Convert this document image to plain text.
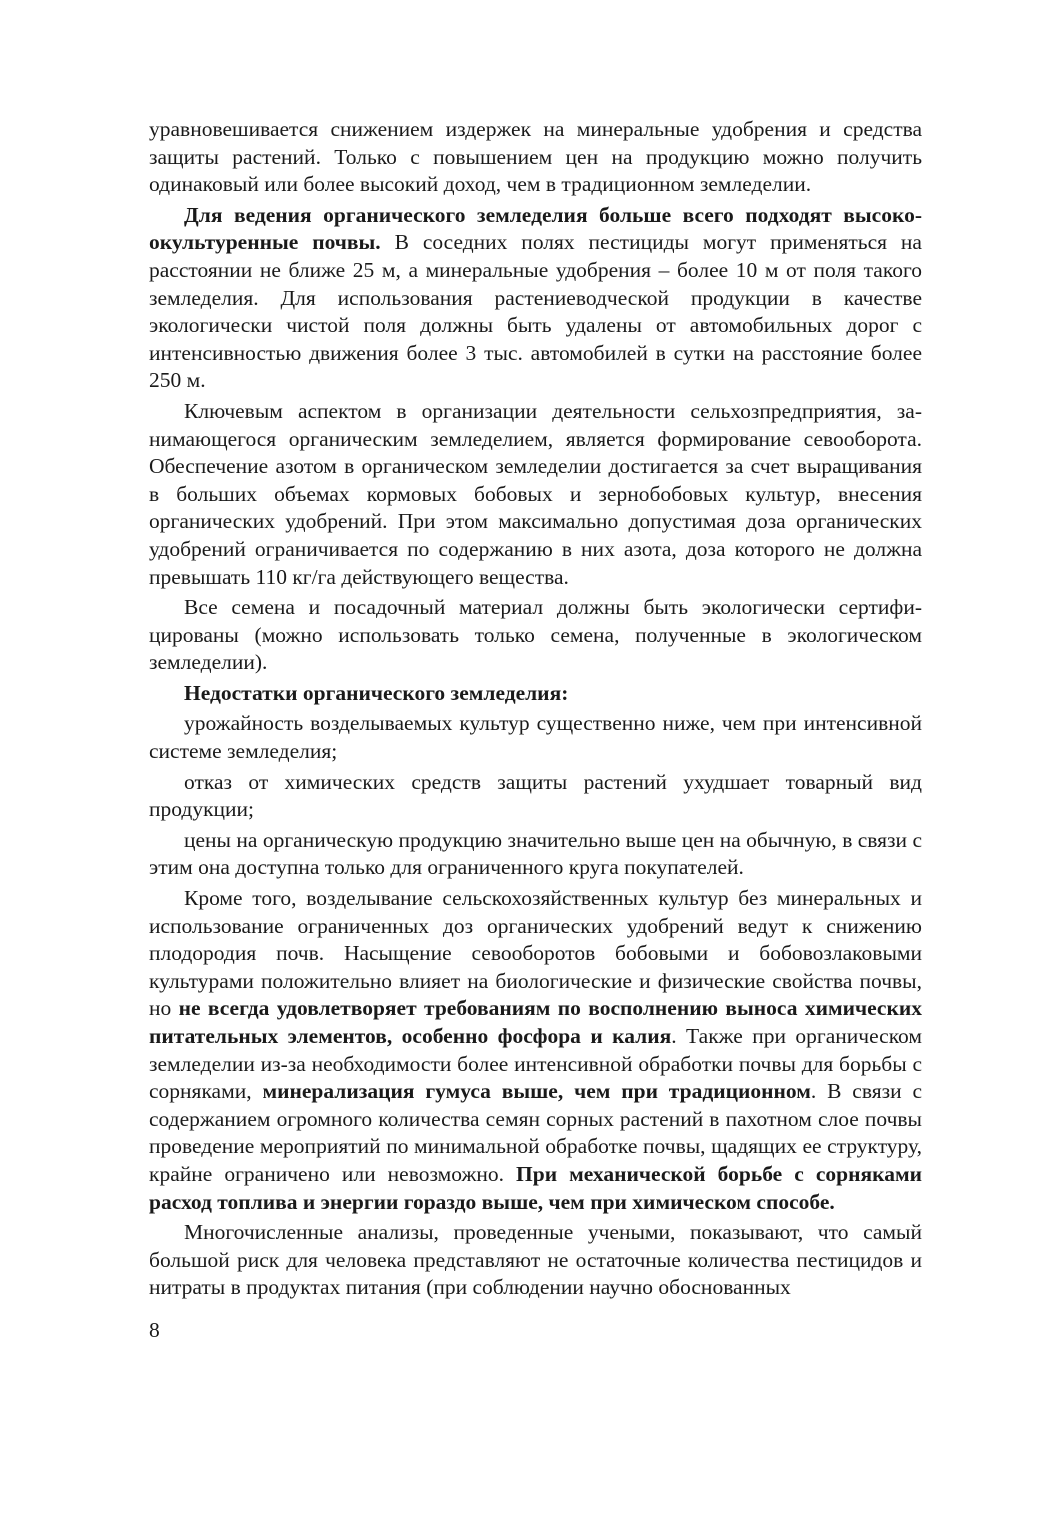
уравновешивается снижением издержек на минеральные удобрения и средства защиты растений. Только с повышением цен на продукцию можно получить одинаковый или более высокий доход, чем в традиционном земледелии.

Для ведения органического земледелия больше всего подходят высокоокультуренные почвы. В соседних полях пестициды могут применяться на расстоянии не ближе 25 м, а минеральные удобрения – более 10 м от поля такого земледелия. Для использования растениеводческой продукции в качестве экологически чистой поля должны быть удалены от автомобильных дорог с интенсивностью движения более 3 тыс. автомобилей в сутки на расстояние более 250 м.

Ключевым аспектом в организации деятельности сельхозпредприятия, занимающегося органическим земледелием, является формирование севооборота. Обеспечение азотом в органическом земледелии достигается за счет выращивания в больших объемах кормовых бобовых и зернобобовых культур, внесения органических удобрений. При этом максимально допустимая доза органических удобрений ограничивается по содержанию в них азота, доза которого не должна превышать 110 кг/га действующего вещества.

Все семена и посадочный материал должны быть экологически сертифицированы (можно использовать только семена, полученные в экологическом земледелии).

Недостатки органического земледелия:

урожайность возделываемых культур существенно ниже, чем при интенсивной системе земледелия;

отказ от химических средств защиты растений ухудшает товарный вид продукции;

цены на органическую продукцию значительно выше цен на обычную, в связи с этим она доступна только для ограниченного круга покупателей.

Кроме того, возделывание сельскохозяйственных культур без минеральных и использование ограниченных доз органических удобрений ведут к снижению плодородия почв. Насыщение севооборотов бобовыми и бобовозлаковыми культурами положительно влияет на биологические и физические свойства почвы, но не всегда удовлетворяет требованиям по восполнению выноса химических питательных элементов, особенно фосфора и калия. Также при органическом земледелии из-за необходимости более интенсивной обработки почвы для борьбы с сорняками, минерализация гумуса выше, чем при традиционном. В связи с содержанием огромного количества семян сорных растений в пахотном слое почвы проведение мероприятий по минимальной обработке почвы, щадящих ее структуру, крайне ограничено или невозможно. При механической борьбе с сорняками расход топлива и энергии гораздо выше, чем при химическом способе.

Многочисленные анализы, проведенные учеными, показывают, что самый большой риск для человека представляют не остаточные количества пестицидов и нитраты в продуктах питания (при соблюдении научно обоснованных

8
